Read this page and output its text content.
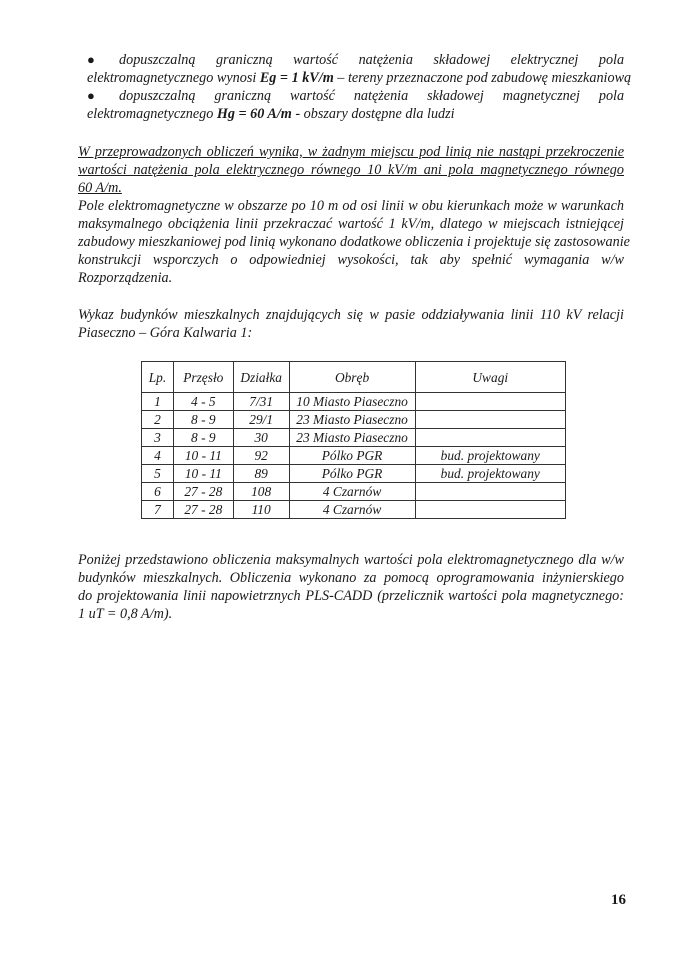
● dopuszczalną graniczną wartość natężenia składowej elektrycznej pola
elektromagnetycznego wynosi Eg = 1 kV/m – tereny przeznaczone pod zabudowę mieszkaniową
● dopuszczalną graniczną wartość natężenia składowej magnetycznej pola
elektromagnetycznego Hg = 60 A/m - obszary dostępne dla ludzi
W przeprowadzonych obliczeń wynika, w żadnym miejscu pod linią nie nastąpi przekroczenie
wartości natężenia pola elektrycznego równego 10 kV/m ani pola magnetycznego równego
60 A/m.
Pole elektromagnetyczne w obszarze po 10 m od osi linii w obu kierunkach może w warunkach
maksymalnego obciążenia linii przekraczać wartość 1 kV/m, dlatego w miejscach istniejącej
zabudowy mieszkaniowej pod linią wykonano dodatkowe obliczenia i projektuje się zastosowanie
konstrukcji wsporczych o odpowiedniej wysokości, tak aby spełnić wymagania w/w
Rozporządzenia.
Wykaz budynków mieszkalnych znajdujących się w pasie oddziaływania linii 110 kV relacji
Piaseczno – Góra Kalwaria 1:
Lp.	Przęsło	Działka	Obręb	Uwagi
1	4 - 5	7/31	10 Miasto Piaseczno	
2	8 - 9	29/1	23 Miasto Piaseczno	
3	8 - 9	30	23 Miasto Piaseczno	
4	10 - 11	92	Pólko PGR	bud. projektowany
5	10 - 11	89	Pólko PGR	bud. projektowany
6	27 - 28	108	4 Czarnów	
7	27 - 28	110	4 Czarnów	
Poniżej przedstawiono obliczenia maksymalnych wartości pola elektromagnetycznego dla w/w
budynków mieszkalnych. Obliczenia wykonano za pomocą oprogramowania inżynierskiego
do projektowania linii napowietrznych PLS-CADD (przelicznik wartości pola magnetycznego:
1 uT = 0,8 A/m).
16
